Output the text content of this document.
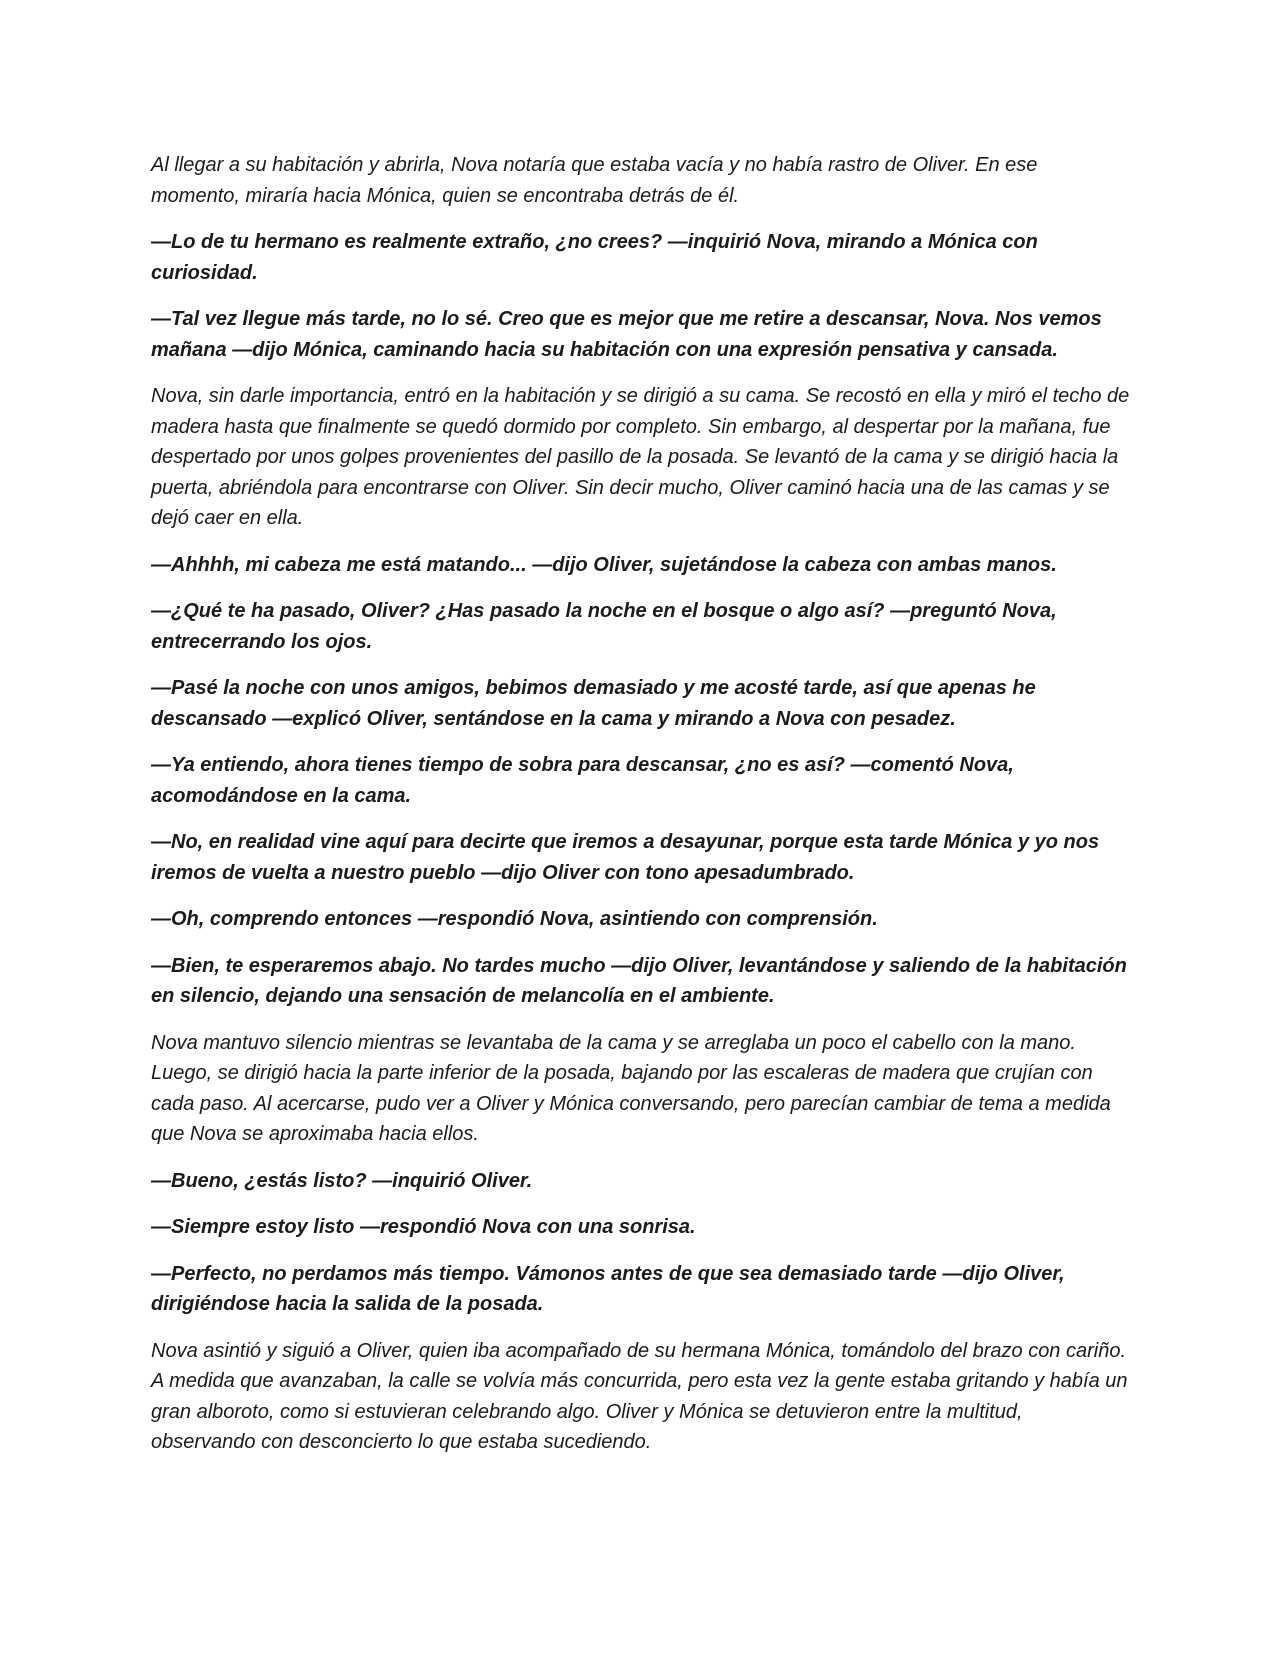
Al llegar a su habitación y abrirla, Nova notaría que estaba vacía y no había rastro de Oliver. En ese momento, miraría hacia Mónica, quien se encontraba detrás de él.

—Lo de tu hermano es realmente extraño, ¿no crees? —inquirió Nova, mirando a Mónica con curiosidad.

—Tal vez llegue más tarde, no lo sé. Creo que es mejor que me retire a descansar, Nova. Nos vemos mañana —dijo Mónica, caminando hacia su habitación con una expresión pensativa y cansada.

Nova, sin darle importancia, entró en la habitación y se dirigió a su cama. Se recostó en ella y miró el techo de madera hasta que finalmente se quedó dormido por completo. Sin embargo, al despertar por la mañana, fue despertado por unos golpes provenientes del pasillo de la posada. Se levantó de la cama y se dirigió hacia la puerta, abriéndola para encontrarse con Oliver. Sin decir mucho, Oliver caminó hacia una de las camas y se dejó caer en ella.

—Ahhhh, mi cabeza me está matando... —dijo Oliver, sujetándose la cabeza con ambas manos.

—¿Qué te ha pasado, Oliver? ¿Has pasado la noche en el bosque o algo así? —preguntó Nova, entrecerrando los ojos.

—Pasé la noche con unos amigos, bebimos demasiado y me acosté tarde, así que apenas he descansado —explicó Oliver, sentándose en la cama y mirando a Nova con pesadez.

—Ya entiendo, ahora tienes tiempo de sobra para descansar, ¿no es así? —comentó Nova, acomodándose en la cama.

—No, en realidad vine aquí para decirte que iremos a desayunar, porque esta tarde Mónica y yo nos iremos de vuelta a nuestro pueblo —dijo Oliver con tono apesadumbrado.

—Oh, comprendo entonces —respondió Nova, asintiendo con comprensión.

—Bien, te esperaremos abajo. No tardes mucho —dijo Oliver, levantándose y saliendo de la habitación en silencio, dejando una sensación de melancolía en el ambiente.

Nova mantuvo silencio mientras se levantaba de la cama y se arreglaba un poco el cabello con la mano. Luego, se dirigió hacia la parte inferior de la posada, bajando por las escaleras de madera que crujían con cada paso. Al acercarse, pudo ver a Oliver y Mónica conversando, pero parecían cambiar de tema a medida que Nova se aproximaba hacia ellos.

—Bueno, ¿estás listo? —inquirió Oliver.

—Siempre estoy listo —respondió Nova con una sonrisa.

—Perfecto, no perdamos más tiempo. Vámonos antes de que sea demasiado tarde —dijo Oliver, dirigiéndose hacia la salida de la posada.

Nova asintió y siguió a Oliver, quien iba acompañado de su hermana Mónica, tomándolo del brazo con cariño. A medida que avanzaban, la calle se volvía más concurrida, pero esta vez la gente estaba gritando y había un gran alboroto, como si estuvieran celebrando algo. Oliver y Mónica se detuvieron entre la multitud, observando con desconcierto lo que estaba sucediendo.
